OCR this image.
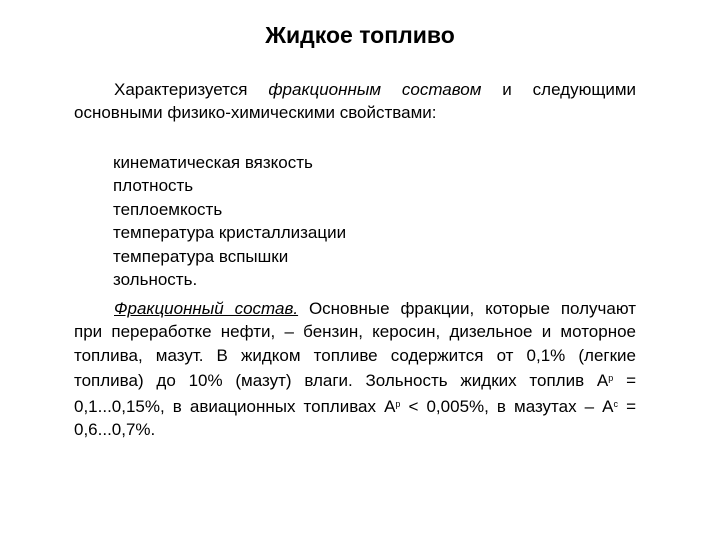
Жидкое топливо

Характеризуется фракционным составом и следующими основными физико-химическими свойствами:

кинематическая вязкость
плотность
теплоемкость
температура кристаллизации
температура вспышки
зольность.

Фракционный состав. Основные фракции, которые получают при переработке нефти, – бензин, керосин, дизельное и моторное топлива, мазут. В жидком топливе содержится от 0,1% (легкие топлива) до 10% (мазут) влаги. Зольность жидких топлив $А^р = 0,1...0,15\%$, в авиационных топливах $А^р < 0,005\%$, в мазутах – $А^с = 0,6...0,7\%$.
